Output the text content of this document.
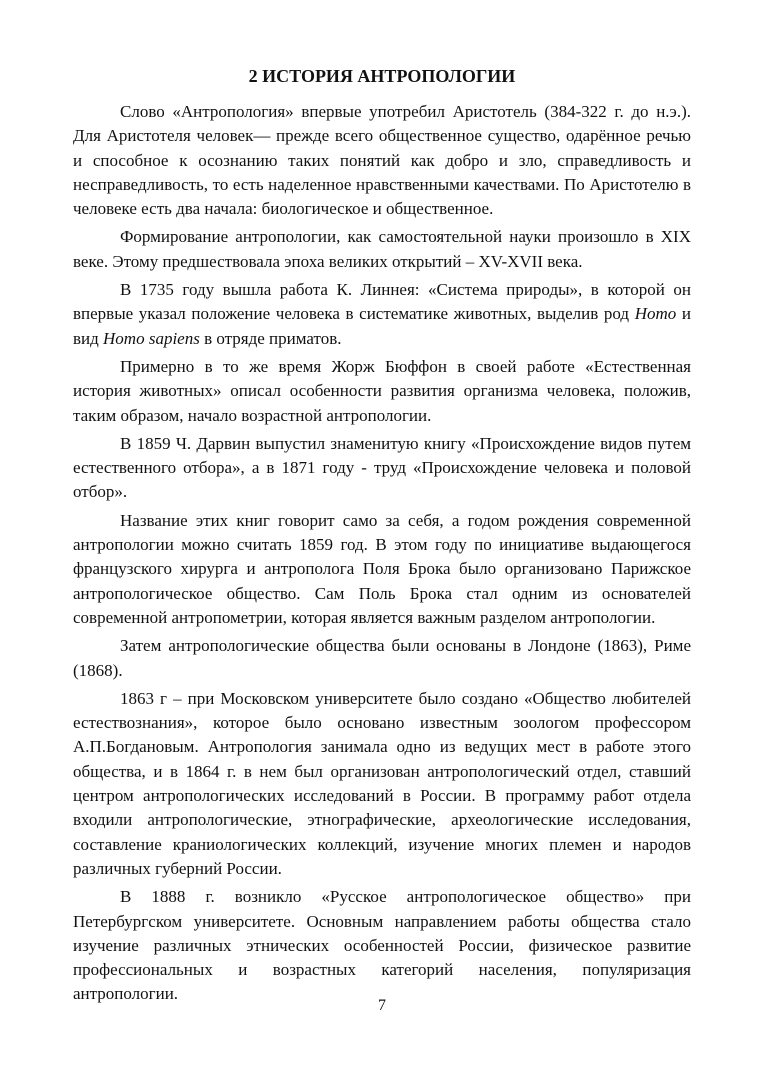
2 ИСТОРИЯ АНТРОПОЛОГИИ

Слово «Антропология» впервые употребил Аристотель (384-322 г. до н.э.). Для Аристотеля человек— прежде всего общественное существо, одарённое речью и способное к осознанию таких понятий как добро и зло, справедливость и несправедливость, то есть наделенное нравственными качествами. По Аристотелю в человеке есть два начала: биологическое и общественное.

Формирование антропологии, как самостоятельной науки произошло в XIX веке. Этому предшествовала эпоха великих открытий – XV-XVII века.

В 1735 году вышла работа К. Линнея: «Система природы», в которой он впервые указал положение человека в систематике животных, выделив род Homo и вид Homo sapiens в отряде приматов.

Примерно в то же время Жорж Бюффон в своей работе «Естественная история животных» описал особенности развития организма человека, положив, таким образом, начало возрастной антропологии.

В 1859 Ч. Дарвин выпустил знаменитую книгу «Происхождение видов путем естественного отбора», а в 1871 году - труд «Происхождение человека и половой отбор».

Название этих книг говорит само за себя, а годом рождения современной антропологии можно считать 1859 год. В этом году по инициативе выдающегося французского хирурга и антрополога Поля Брока было организовано Парижское антропологическое общество. Сам Поль Брока стал одним из основателей современной антропометрии, которая является важным разделом антропологии.

Затем антропологические общества были основаны в Лондоне (1863), Риме (1868).

1863 г – при Московском университете было создано «Общество любителей естествознания», которое было основано известным зоологом профессором А.П.Богдановым. Антропология занимала одно из ведущих мест в работе этого общества, и в 1864 г. в нем был организован антропологический отдел, ставший центром антропологических исследований в России. В программу работ отдела входили антропологические, этнографические, археологические исследования, составление краниологических коллекций, изучение многих племен и народов различных губерний России.

В 1888 г. возникло «Русское антропологическое общество» при Петербургском университете. Основным направлением работы общества стало изучение различных этнических особенностей России, физическое развитие профессиональных и возрастных категорий населения, популяризация антропологии.

7
